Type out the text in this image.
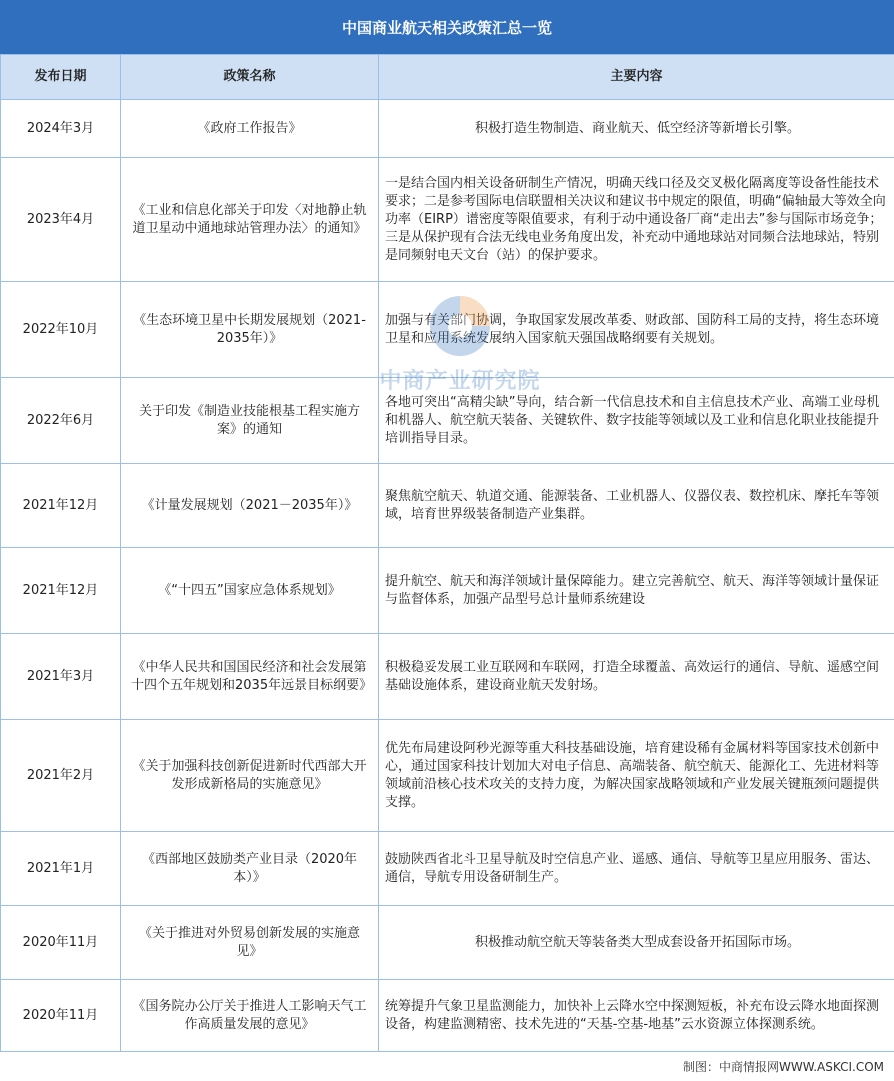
中国商业航天相关政策汇总一览
发布日期	政策名称	主要内容
2024年3月	《政府工作报告》	积极打造生物制造、商业航天、低空经济等新增长引擎。
2023年4月	《工业和信息化部关于印发〈对地静止轨道卫星动中通地球站管理办法〉的通知》	一是结合国内相关设备研制生产情况，明确天线口径及交叉极化隔离度等设备性能技术要求；二是参考国际电信联盟相关决议和建议书中规定的限值，明确“偏轴最大等效全向功率（EIRP）谱密度等限值要求，有利于动中通设备厂商“走出去”参与国际市场竞争；三是从保护现有合法无线电业务角度出发，补充动中通地球站对同频合法地球站，特别是同频射电天文台（站）的保护要求。
2022年10月	《生态环境卫星中长期发展规划（2021-2035年）》	加强与有关部门协调，争取国家发展改革委、财政部、国防科工局的支持，将生态环境卫星和应用系统发展纳入国家航天强国战略纲要有关规划。
2022年6月	关于印发《制造业技能根基工程实施方案》的通知	各地可突出“高精尖缺”导向，结合新一代信息技术和自主信息技术产业、高端工业母机和机器人、航空航天装备、关键软件、数字技能等领域以及工业和信息化职业技能提升培训指导目录。
2021年12月	《计量发展规划（2021－2035年）》	聚焦航空航天、轨道交通、能源装备、工业机器人、仪器仪表、数控机床、摩托车等领域，培育世界级装备制造产业集群。
2021年12月	《“十四五”国家应急体系规划》	提升航空、航天和海洋领域计量保障能力。建立完善航空、航天、海洋等领域计量保证与监督体系，加强产品型号总计量师系统建设
2021年3月	《中华人民共和国国民经济和社会发展第十四个五年规划和2035年远景目标纲要》	积极稳妥发展工业互联网和车联网，打造全球覆盖、高效运行的通信、导航、遥感空间基础设施体系，建设商业航天发射场。
2021年2月	《关于加强科技创新促进新时代西部大开发形成新格局的实施意见》	优先布局建设阿秒光源等重大科技基础设施，培育建设稀有金属材料等国家技术创新中心，通过国家科技计划加大对电子信息、高端装备、航空航天、能源化工、先进材料等领域前沿核心技术攻关的支持力度，为解决国家战略领域和产业发展关键瓶颈问题提供支撑。
2021年1月	《西部地区鼓励类产业目录（2020年本）》	鼓励陕西省北斗卫星导航及时空信息产业、遥感、通信、导航等卫星应用服务、雷达、通信，导航专用设备研制生产。
2020年11月	《关于推进对外贸易创新发展的实施意见》	积极推动航空航天等装备类大型成套设备开拓国际市场。
2020年11月	《国务院办公厅关于推进人工影响天气工作高质量发展的意见》	统筹提升气象卫星监测能力，加快补上云降水空中探测短板，补充布设云降水地面探测设备，构建监测精密、技术先进的“天基-空基-地基”云水资源立体探测系统。
中商产业研究院
制图：中商情报网WWW.ASKCI.COM
